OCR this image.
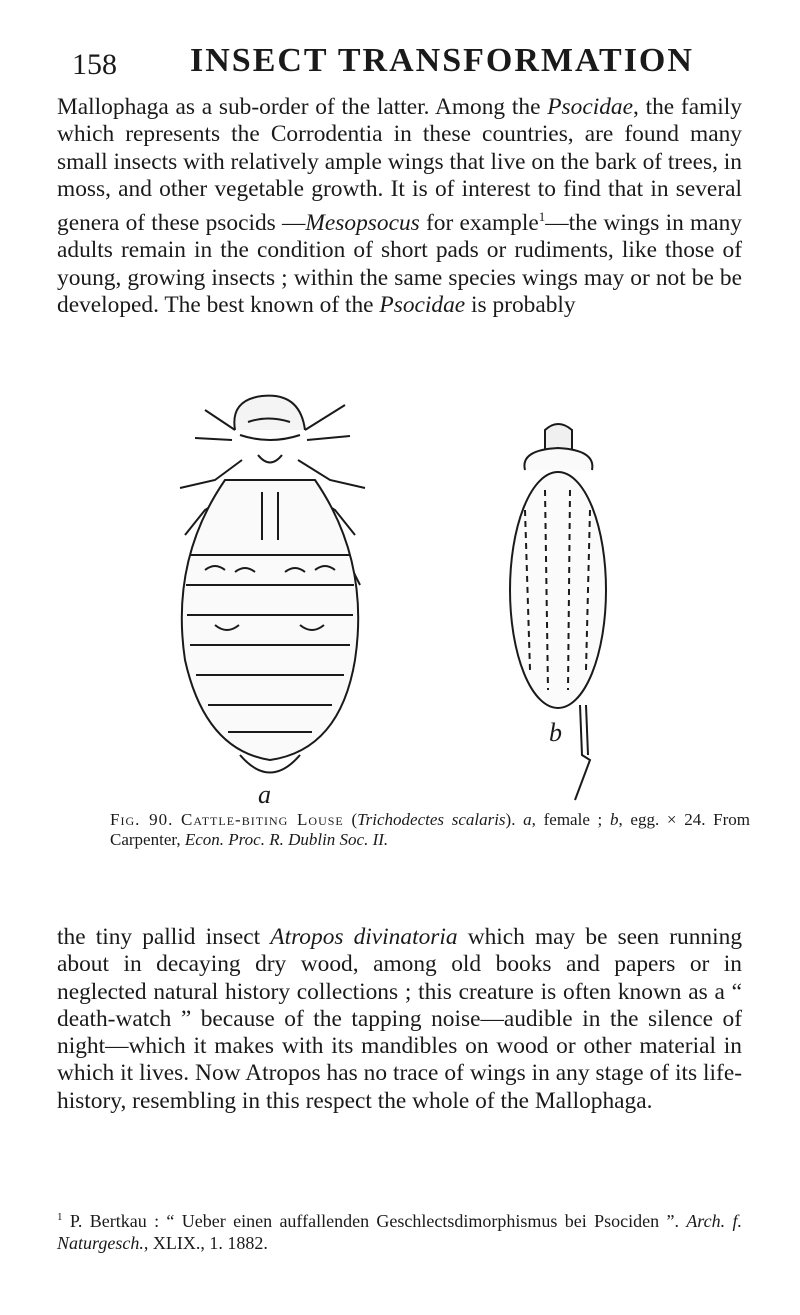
158 INSECT TRANSFORMATION

Mallophaga as a sub-order of the latter. Among the Psocidae, the family which represents the Corrodentia in these countries, are found many small insects with relatively ample wings that live on the bark of trees, in moss, and other vegetable growth. It is of interest to find that in several genera of these psocids —Mesopsocus for example$^1$—the wings in many adults remain in the condition of short pads or rudiments, like those of young, growing insects ; within the same species wings may or not be be developed. The best known of the Psocidae is probably

a
b
Fig. 90. Cattle-biting Louse (Trichodectes scalaris). a, female ; b, egg. × 24. From Carpenter, Econ. Proc. R. Dublin Soc. II.

the tiny pallid insect Atropos divinatoria which may be seen running about in decaying dry wood, among old books and papers or in neglected natural history collections ; this creature is often known as a “ death-watch ” because of the tapping noise—audible in the silence of night—which it makes with its mandibles on wood or other material in which it lives. Now Atropos has no trace of wings in any stage of its life-history, resembling in this respect the whole of the Mallophaga.

$^1$ P. Bertkau : “ Ueber einen auffallenden Geschlectsdimorphismus bei Psociden ”. Arch. f. Naturgesch., XLIX., 1. 1882.
